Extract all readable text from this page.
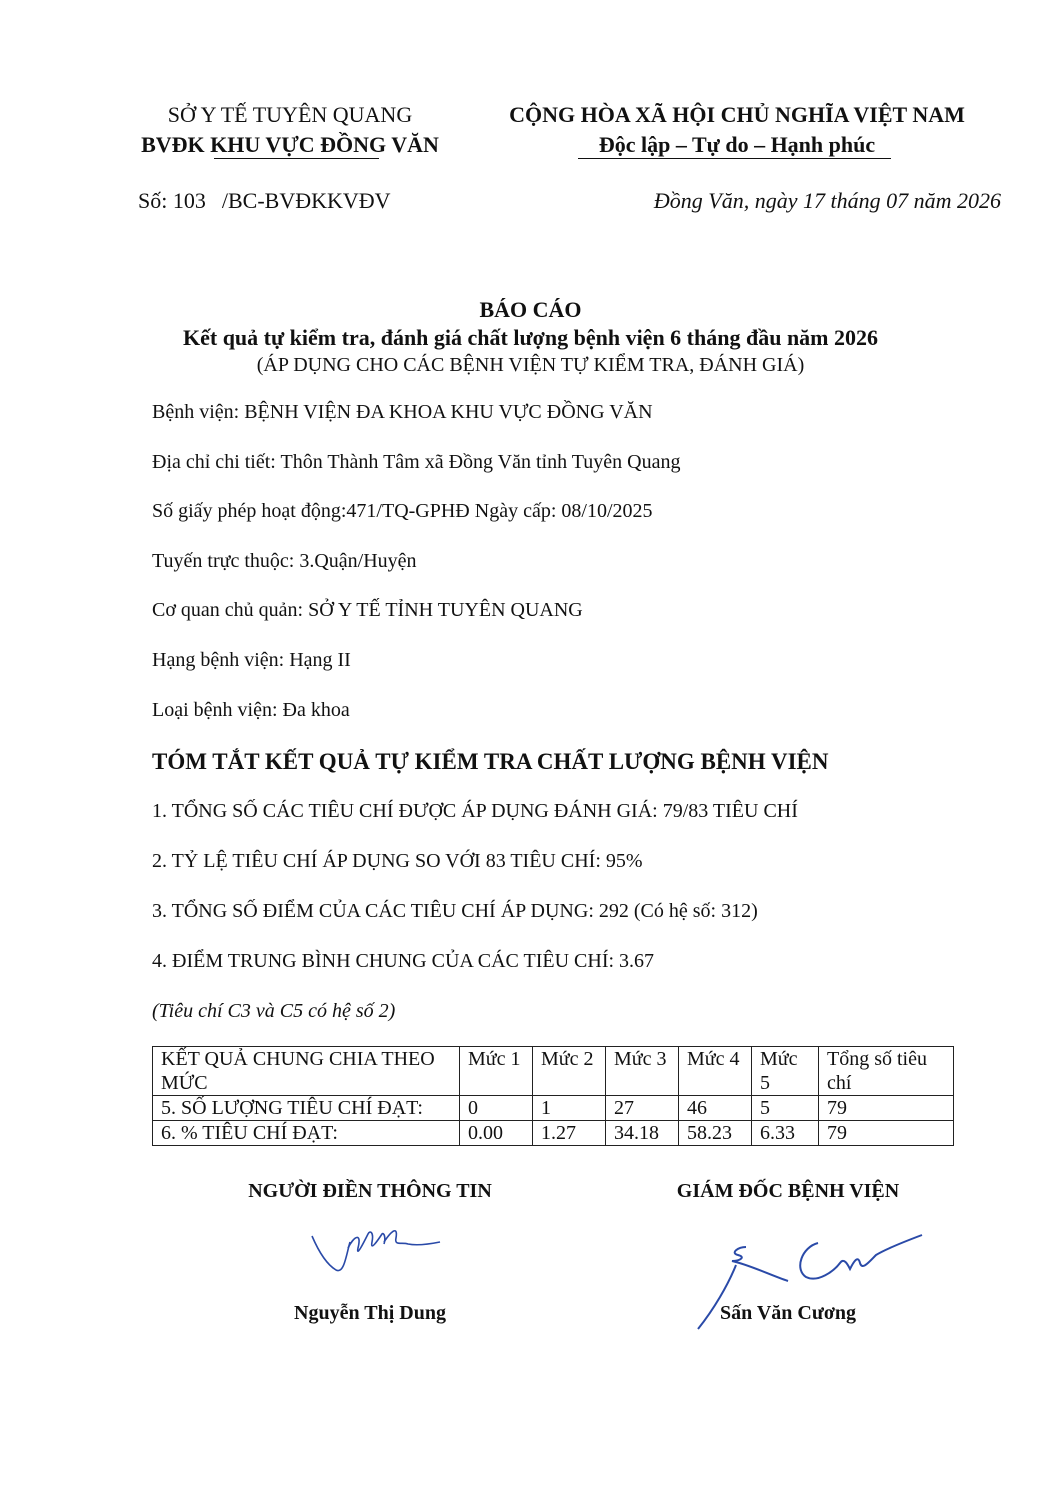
SỞ Y TẾ TUYÊN QUANG
BVĐK KHU VỰC ĐỒNG VĂN
CỘNG HÒA XÃ HỘI CHỦ NGHĨA VIỆT NAM
Độc lập – Tự do – Hạnh phúc
Số: 103 /BC-BVĐKKVĐV	Đồng Văn, ngày 17 tháng 07 năm 2026
BÁO CÁO
Kết quả tự kiểm tra, đánh giá chất lượng bệnh viện 6 tháng đầu năm 2026
(ÁP DỤNG CHO CÁC BỆNH VIỆN TỰ KIỂM TRA, ĐÁNH GIÁ)
Bệnh viện: BỆNH VIỆN ĐA KHOA KHU VỰC ĐỒNG VĂN
Địa chỉ chi tiết: Thôn Thành Tâm xã Đồng Văn tỉnh Tuyên Quang
Số giấy phép hoạt động:471/TQ-GPHĐ Ngày cấp: 08/10/2025
Tuyến trực thuộc: 3.Quận/Huyện
Cơ quan chủ quản: SỞ Y TẾ TỈNH TUYÊN QUANG
Hạng bệnh viện: Hạng II
Loại bệnh viện: Đa khoa
TÓM TẮT KẾT QUẢ TỰ KIỂM TRA CHẤT LƯỢNG BỆNH VIỆN
1. TỔNG SỐ CÁC TIÊU CHÍ ĐƯỢC ÁP DỤNG ĐÁNH GIÁ: 79/83 TIÊU CHÍ
2. TỶ LỆ TIÊU CHÍ ÁP DỤNG SO VỚI 83 TIÊU CHÍ: 95%
3. TỔNG SỐ ĐIỂM CỦA CÁC TIÊU CHÍ ÁP DỤNG: 292 (Có hệ số: 312)
4. ĐIỂM TRUNG BÌNH CHUNG CỦA CÁC TIÊU CHÍ: 3.67
(Tiêu chí C3 và C5 có hệ số 2)
KẾT QUẢ CHUNG CHIA THEO MỨC	Mức 1	Mức 2	Mức 3	Mức 4	Mức 5	Tổng số tiêu chí
5. SỐ LƯỢNG TIÊU CHÍ ĐẠT:	0	1	27	46	5	79
6. % TIÊU CHÍ ĐẠT:	0.00	1.27	34.18	58.23	6.33	79
NGƯỜI ĐIỀN THÔNG TIN	GIÁM ĐỐC BỆNH VIỆN
Nguyễn Thị Dung	Sấn Văn Cương
